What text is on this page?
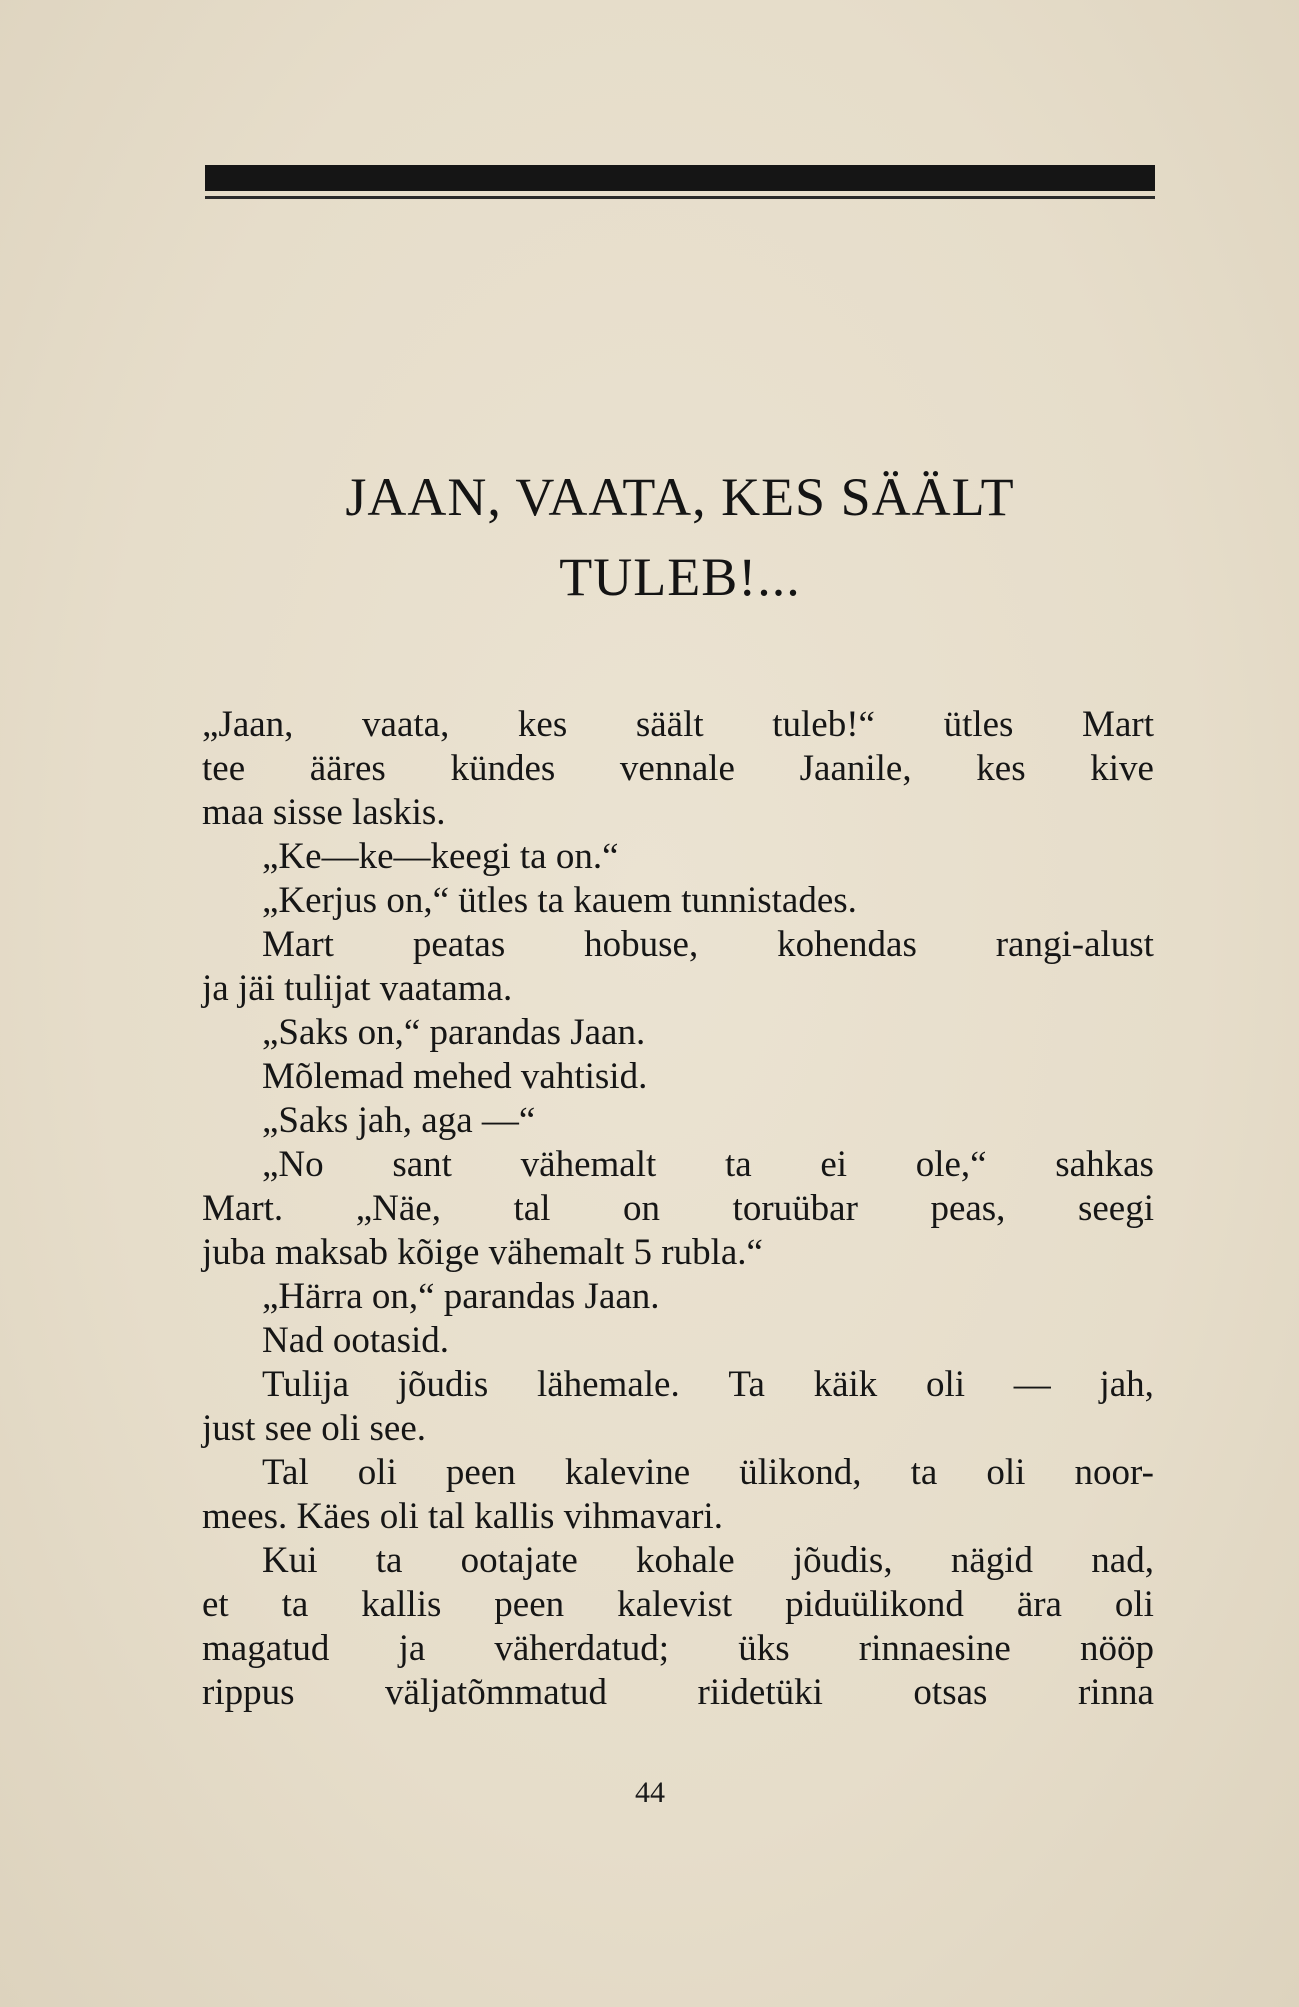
JAAN, VAATA, KES SÄÄLT
TULEB!...
„Jaan, vaata, kes säält tuleb!“ ütles Mart
tee ääres kündes vennale Jaanile, kes kive
maa sisse laskis.
„Ke—ke—keegi ta on.“
„Kerjus on,“ ütles ta kauem tunnistades.
Mart peatas hobuse, kohendas rangi-alust
ja jäi tulijat vaatama.
„Saks on,“ parandas Jaan.
Mõlemad mehed vahtisid.
„Saks jah, aga —“
„No sant vähemalt ta ei ole,“ sahkas
Mart. „Näe, tal on toruübar peas, seegi
juba maksab kõige vähemalt 5 rubla.“
„Härra on,“ parandas Jaan.
Nad ootasid.
Tulija jõudis lähemale. Ta käik oli — jah,
just see oli see.
Tal oli peen kalevine ülikond, ta oli noor-
mees. Käes oli tal kallis vihmavari.
Kui ta ootajate kohale jõudis, nägid nad,
et ta kallis peen kalevist piduülikond ära oli
magatud ja väherdatud; üks rinnaesine nööp
rippus väljatõmmatud riidetüki otsas rinna
44
